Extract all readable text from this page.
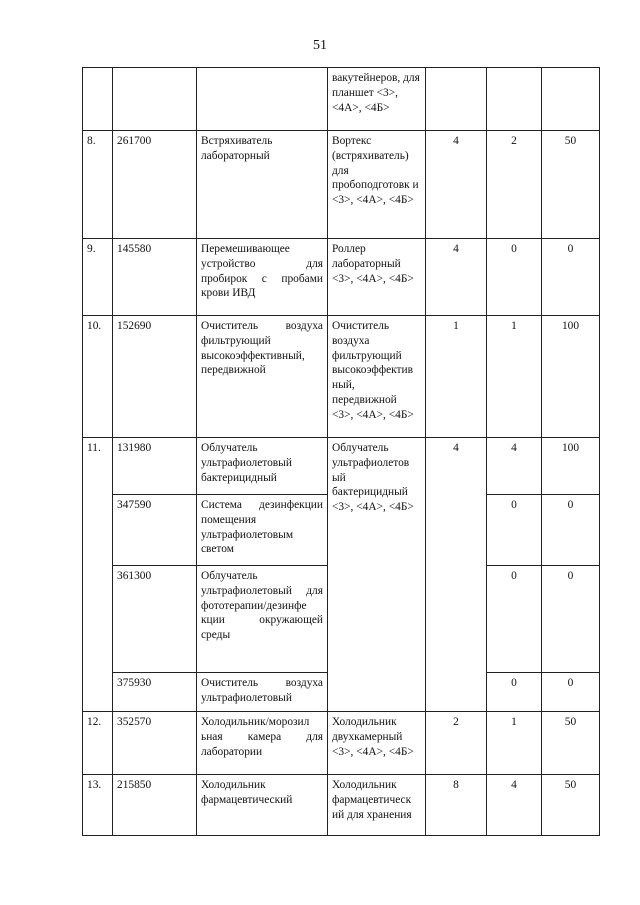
51
			вакутейнеров, для планшет <3>, <4А>, <4Б>			
8.	261700	Встряхиватель лабораторный	Вортекс (встряхиватель) для пробоподготовк и <3>, <4А>, <4Б>	4	2	50
9.	145580	Перемешивающее устройство для пробирок с пробами крови ИВД	Роллер лабораторный <3>, <4А>, <4Б>	4	0	0
10.	152690	Очиститель воздуха фильтрующий высокоэффективный, передвижной	Очиститель воздуха фильтрующий высокоэффектив ный, передвижной <3>, <4А>, <4Б>	1	1	100
11.	131980	Облучатель ультрафиолетовый бактерицидный	Облучатель ультрафиолетов ый бактерицидный <3>, <4А>, <4Б>	4	4	100
	347590	Система дезинфекции помещения ультрафиолетовым светом			0	0
	361300	Облучатель ультрафиолетовый для фототерапии/дезинфе кции окружающей среды			0	0
	375930	Очиститель воздуха ультрафиолетовый			0	0
12.	352570	Холодильник/морозил ьная камера для лаборатории	Холодильник двухкамерный <3>, <4А>, <4Б>	2	1	50
13.	215850	Холодильник фармацевтический	Холодильник фармацевтическ ий для хранения	8	4	50
